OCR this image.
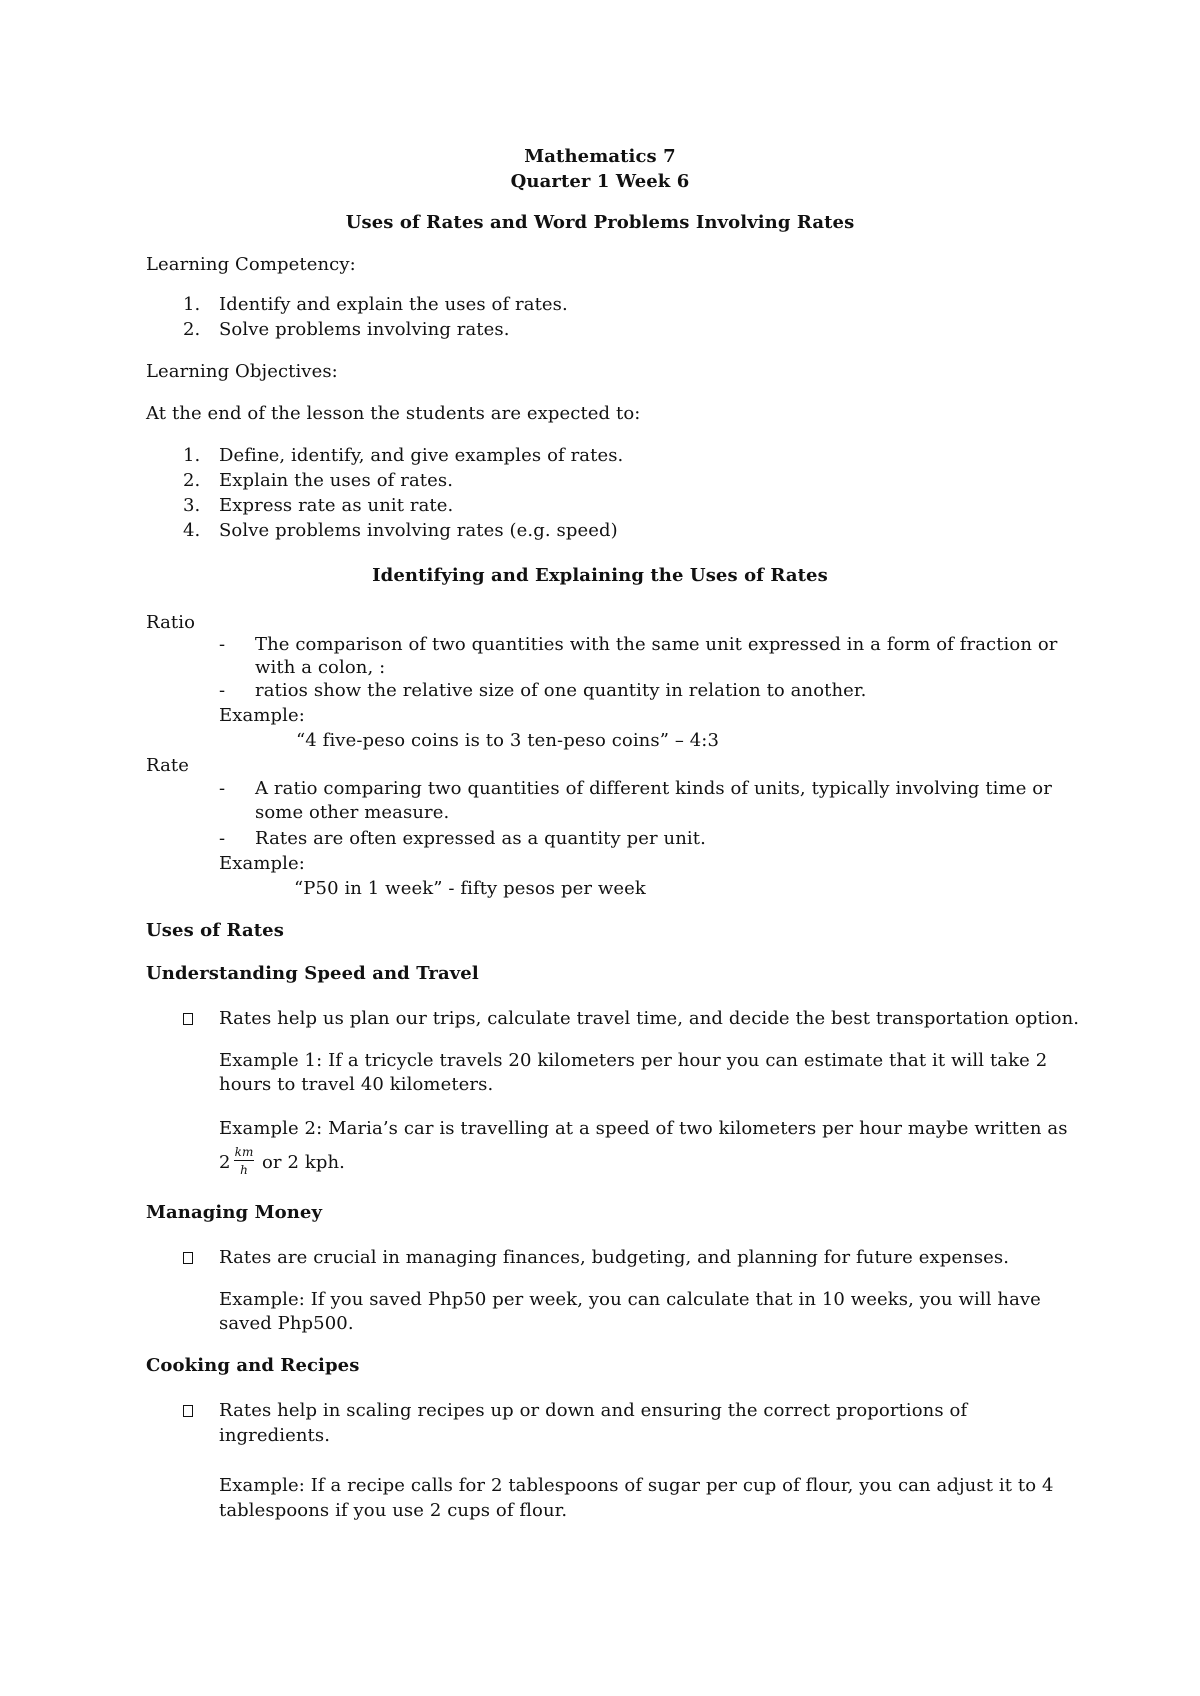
Mathematics 7
Quarter 1 Week 6
Uses of Rates and Word Problems Involving Rates
Learning Competency:
1. Identify and explain the uses of rates.
2. Solve problems involving rates.
Learning Objectives:
At the end of the lesson the students are expected to:
1. Define, identify, and give examples of rates.
2. Explain the uses of rates.
3. Express rate as unit rate.
4. Solve problems involving rates (e.g. speed)
Identifying and Explaining the Uses of Rates
Ratio
- The comparison of two quantities with the same unit expressed in a form of fraction or
with a colon, :
- ratios show the relative size of one quantity in relation to another.
Example:
“4 five-peso coins is to 3 ten-peso coins” – 4:3
Rate
- A ratio comparing two quantities of different kinds of units, typically involving time or
some other measure.
- Rates are often expressed as a quantity per unit.
Example:
“P50 in 1 week” - fifty pesos per week
Uses of Rates
Understanding Speed and Travel
Rates help us plan our trips, calculate travel time, and decide the best transportation option.
Example 1: If a tricycle travels 20 kilometers per hour you can estimate that it will take 2
hours to travel 40 kilometers.
Example 2: Maria’s car is travelling at a speed of two kilometers per hour maybe written as
2 km
h or 2 kph.
Managing Money
Rates are crucial in managing finances, budgeting, and planning for future expenses.
Example: If you saved Php50 per week, you can calculate that in 10 weeks, you will have
saved Php500.
Cooking and Recipes
Rates help in scaling recipes up or down and ensuring the correct proportions of
ingredients.
Example: If a recipe calls for 2 tablespoons of sugar per cup of flour, you can adjust it to 4
tablespoons if you use 2 cups of flour.
